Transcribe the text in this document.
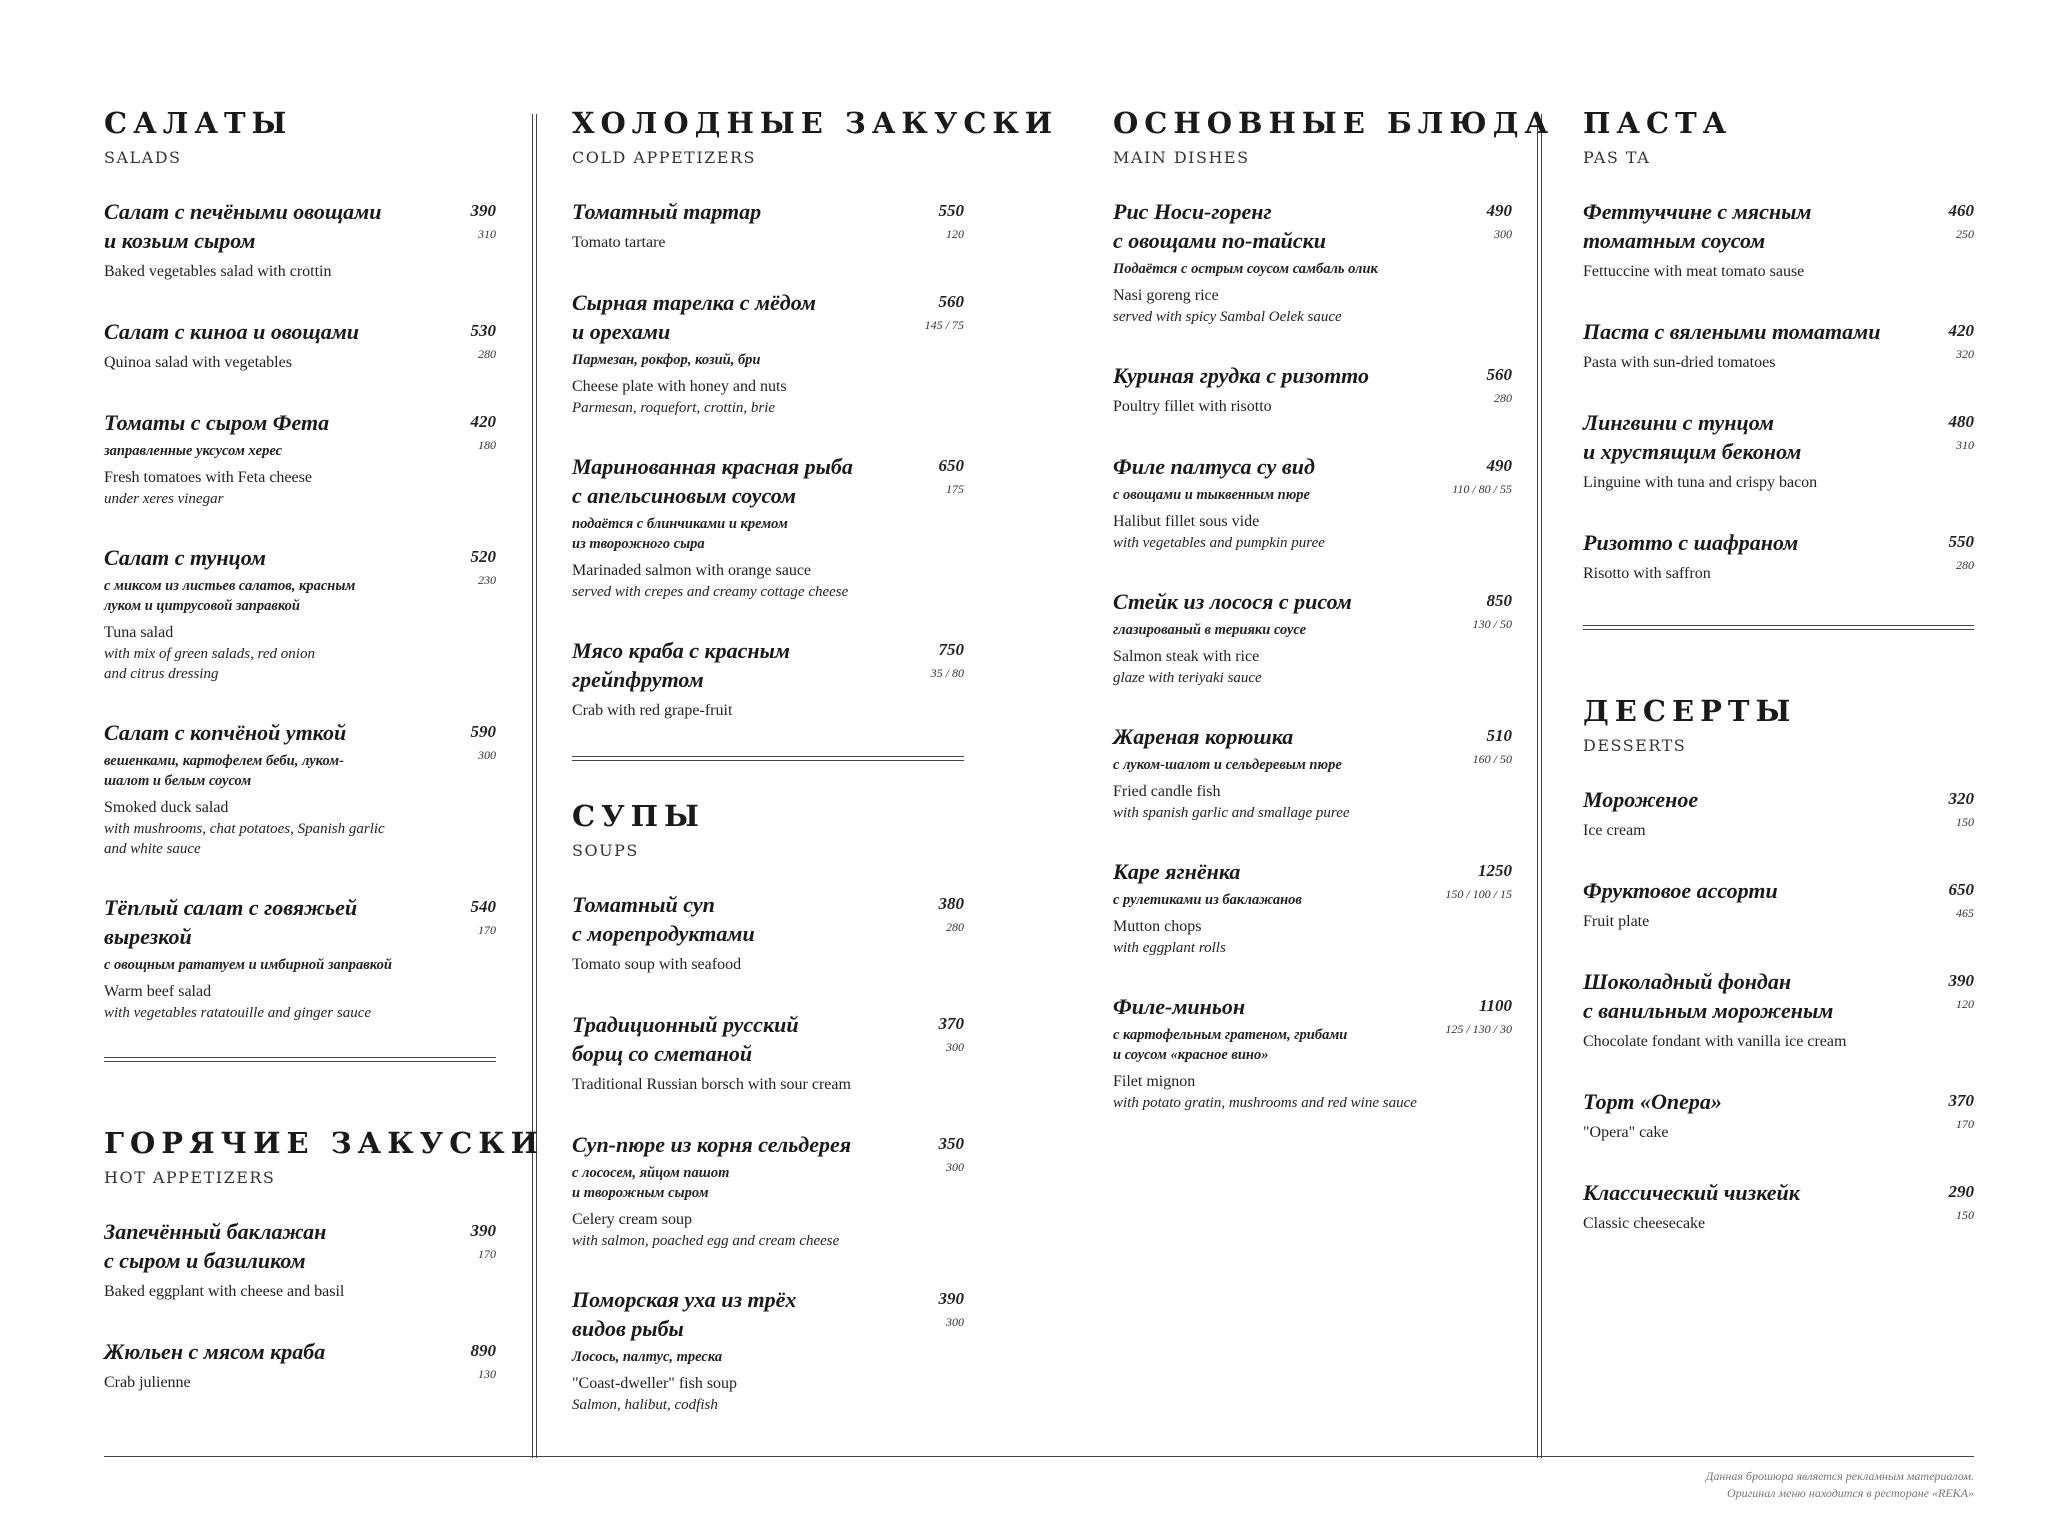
САЛАТЫ
SALADS
Салат с печёными овощами
и козьим сыром
Baked vegetables salad with crottin
390
310
Салат с киноа и овощами
Quinoa salad with vegetables
530
280
Томаты с сыром Фета
заправленные уксусом херес
Fresh tomatoes with Feta cheese
under xeres vinegar
420
180
Салат с тунцом
с миксом из листьев салатов, красным
луком и цитрусовой заправкой
Tuna salad
with mix of green salads, red onion
and citrus dressing
520
230
Салат с копчёной уткой
вешенками, картофелем беби, луком-
шалот и белым соусом
Smoked duck salad
with mushrooms, chat potatoes, Spanish garlic
and white sauce
590
300
Тёплый салат с говяжьей
вырезкой
с овощным рататуем и имбирной заправкой
Warm beef salad
with vegetables ratatouille and ginger sauce
540
170
ГОРЯЧИЕ ЗАКУСКИ
HOT APPETIZERS
Запечённый баклажан
с сыром и базиликом
Baked eggplant with cheese and basil
390
170
Жюльен с мясом краба
Crab julienne
890
130
ХОЛОДНЫЕ ЗАКУСКИ
COLD APPETIZERS
Томатный тартар
Tomato tartare
550
120
Сырная тарелка с мёдом
и орехами
Пармезан, рокфор, козий, бри
Cheese plate with honey and nuts
Parmesan, roquefort, crottin, brie
560
145 / 75
Маринованная красная рыба
с апельсиновым соусом
подаётся с блинчиками и кремом
из творожного сыра
Marinaded salmon with orange sauce
served with crepes and creamy cottage cheese
650
175
Мясо краба с красным
грейпфрутом
Crab with red grape-fruit
750
35 / 80
СУПЫ
SOUPS
Томатный суп
с морепродуктами
Tomato soup with seafood
380
280
Традиционный русский
борщ со сметаной
Traditional Russian borsch with sour cream
370
300
Суп-пюре из корня сельдерея
с лососем, яйцом пашот
и творожным сыром
Celery cream soup
with salmon, poached egg and cream cheese
350
300
Поморская уха из трёх
видов рыбы
Лосось, палтус, треска
"Coast-dweller" fish soup
Salmon, halibut, codfish
390
300
ОСНОВНЫЕ БЛЮДА
MAIN DISHES
Рис Носи-горенг
с овощами по-тайски
Подаётся с острым соусом самбаль олик
Nasi goreng rice
served with spicy Sambal Oelek sauce
490
300
Куриная грудка с ризотто
Poultry fillet with risotto
560
280
Филе палтуса су вид
с овощами и тыквенным пюре
Halibut fillet sous vide
with vegetables and pumpkin puree
490
110 / 80 / 55
Стейк из лосося с рисом
глазированый в терияки соусе
Salmon steak with rice
glaze with teriyaki sauce
850
130 / 50
Жареная корюшка
с луком-шалот и сельдеревым пюре
Fried candle fish
with spanish garlic and smallage puree
510
160 / 50
Каре ягнёнка
с рулетиками из баклажанов
Mutton chops
with eggplant rolls
1250
150 / 100 / 15
Филе-миньон
с картофельным гратеном, грибами
и соусом «красное вино»
Filet mignon
with potato gratin, mushrooms and red wine sauce
1100
125 / 130 / 30
ПАСТА
PAS TA
Феттуччине с мясным
томатным соусом
Fettuccine with meat tomato sause
460
250
Паста с вялеными томатами
Pasta with sun-dried tomatoes
420
320
Лингвини с тунцом
и хрустящим беконом
Linguine with tuna and crispy bacon
480
310
Ризотто с шафраном
Risotto with saffron
550
280
ДЕСЕРТЫ
DESSERTS
Мороженое
Ice cream
320
150
Фруктовое ассорти
Fruit plate
650
465
Шоколадный фондан
с ванильным мороженым
Chocolate fondant with vanilla ice cream
390
120
Торт «Опера»
"Opera" cake
370
170
Классический чизкейк
Classic cheesecake
290
150
Данная брошюра является рекламным материалом.
Оригинал меню находится в ресторане «REKA»
